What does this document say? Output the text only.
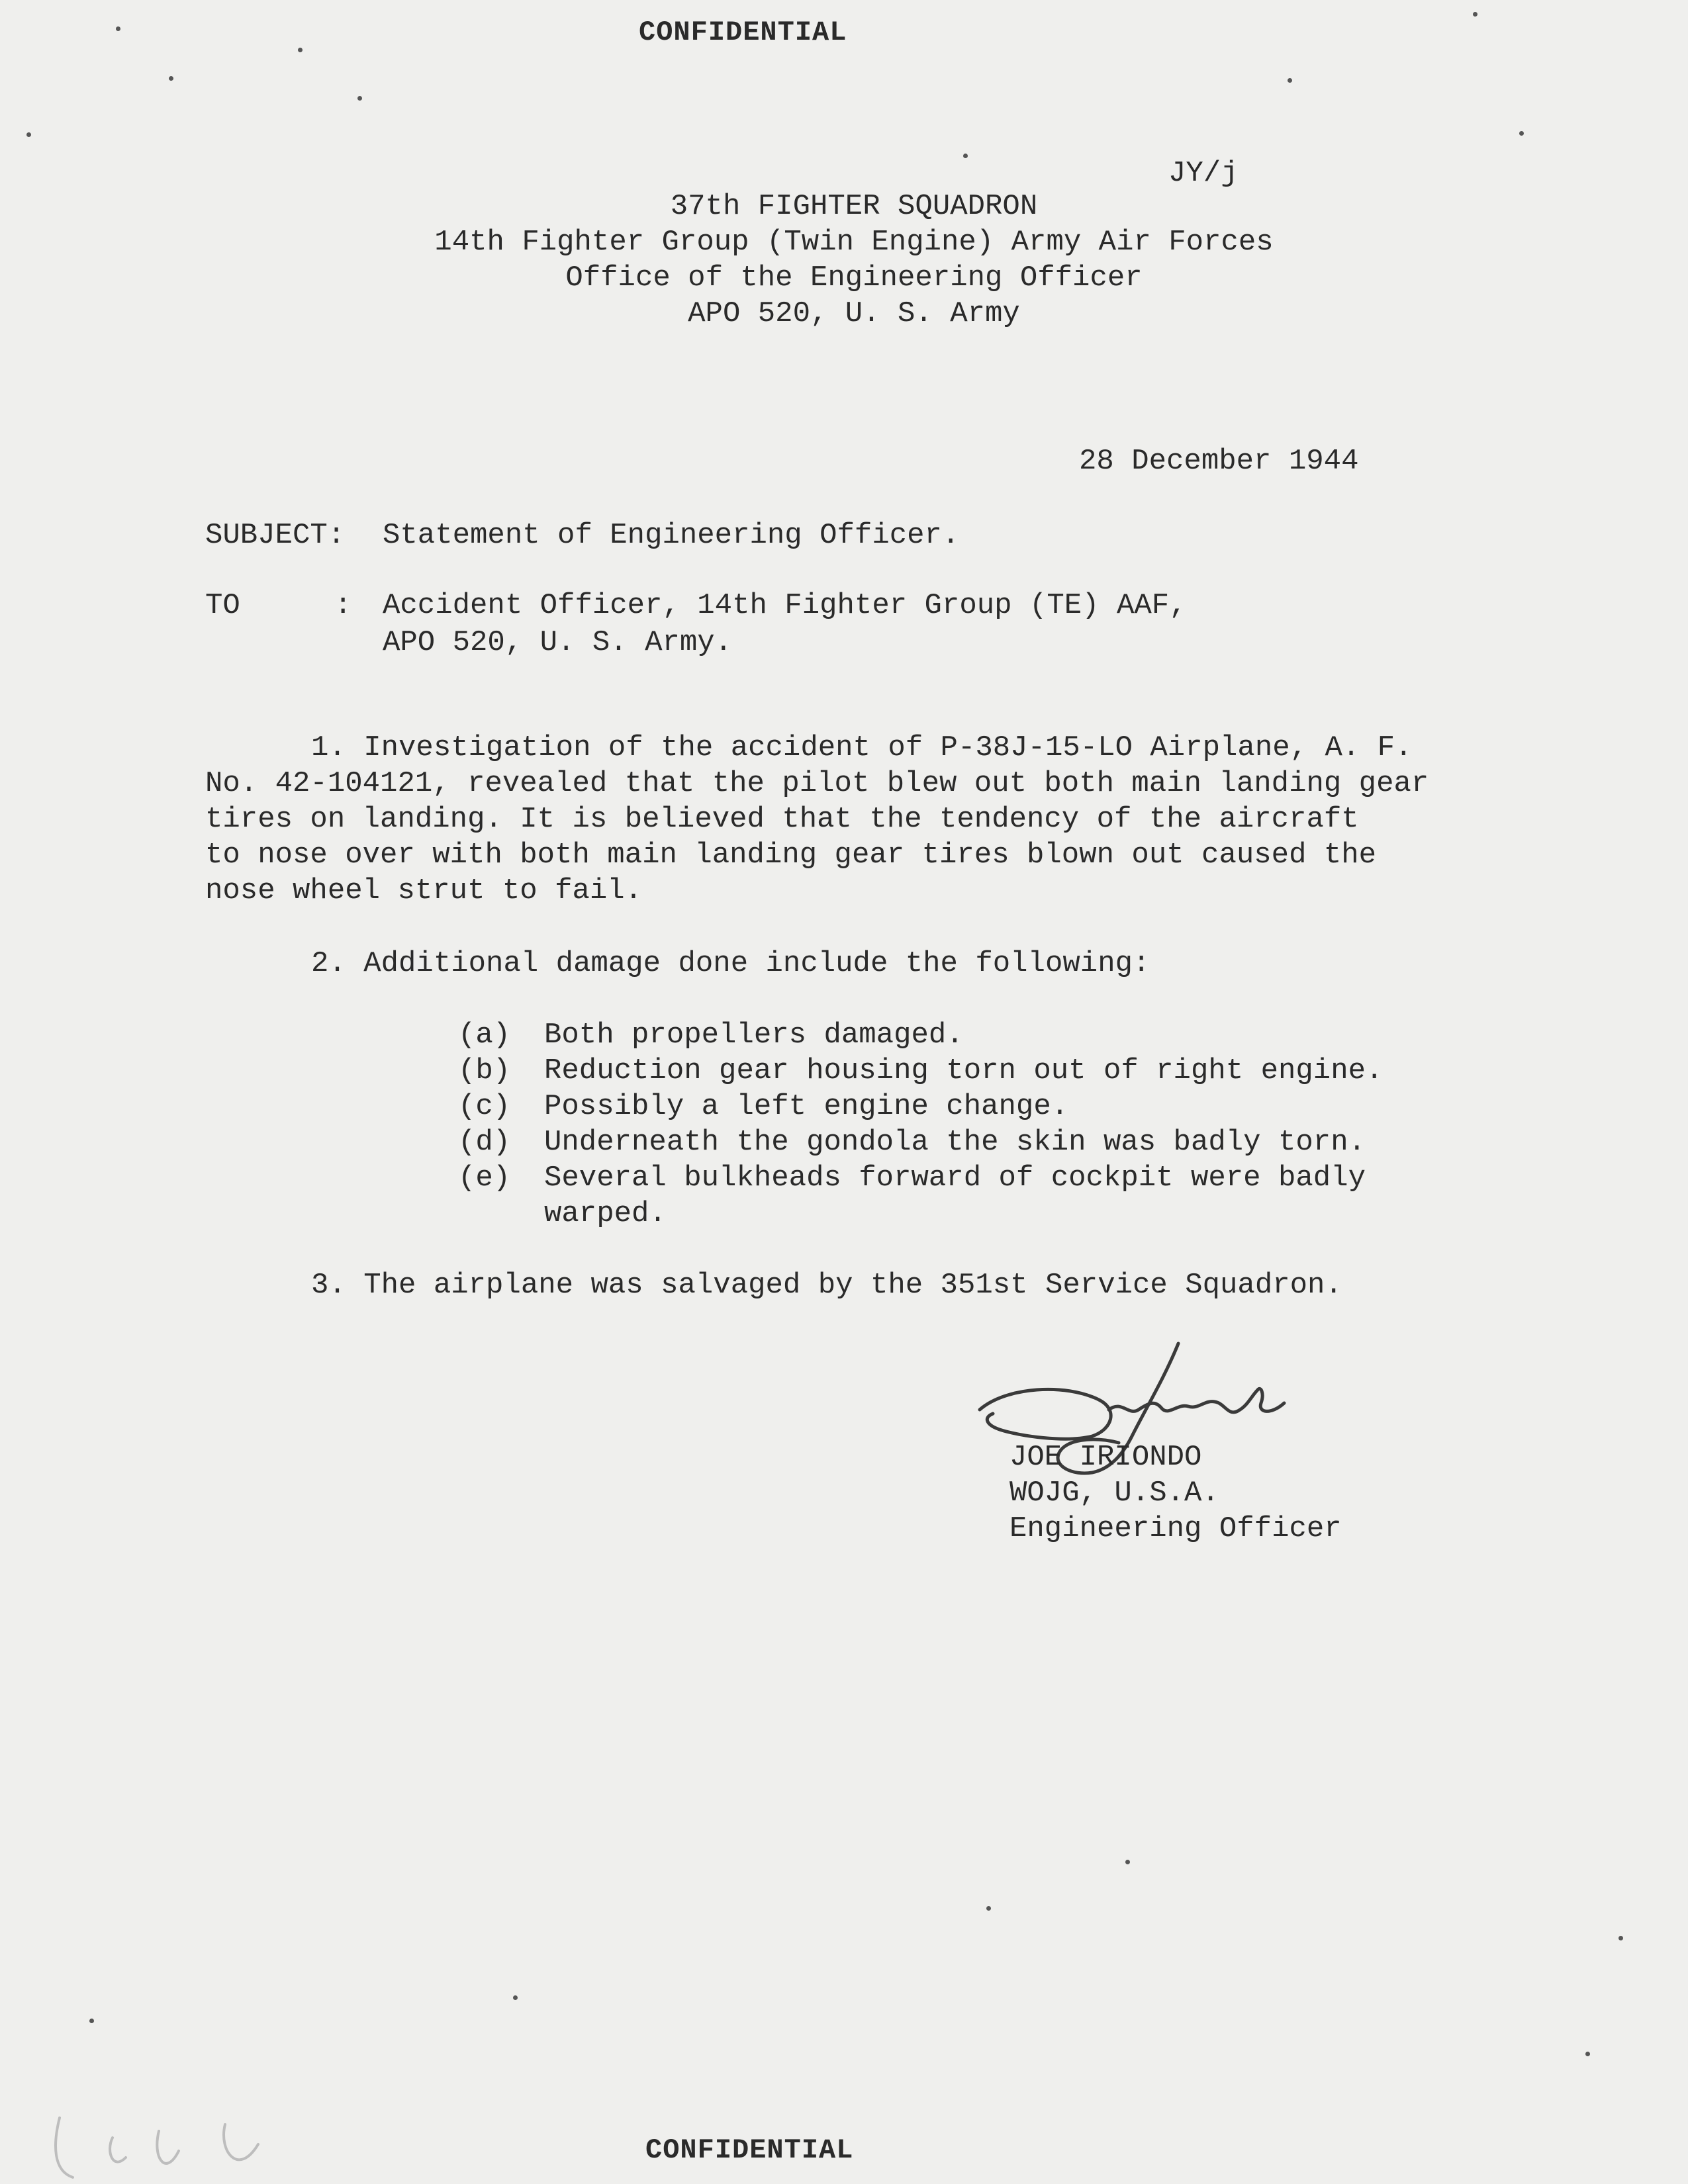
CONFIDENTIAL
JY/j
37th FIGHTER SQUADRON
14th Fighter Group (Twin Engine) Army Air Forces
Office of the Engineering Officer
APO 520, U. S. Army
28 December 1944
SUBJECT: Statement of Engineering Officer.
TO	: Accident Officer, 14th Fighter Group (TE) AAF,
APO 520, U. S. Army.
1. Investigation of the accident of P-38J-15-LO Airplane, A. F.
No. 42-104121, revealed that the pilot blew out both main landing gear
tires on landing. It is believed that the tendency of the aircraft
to nose over with both main landing gear tires blown out caused the
nose wheel strut to fail.
2. Additional damage done include the following:
(a) Both propellers damaged.
(b) Reduction gear housing torn out of right engine.
(c) Possibly a left engine change.
(d) Underneath the gondola the skin was badly torn.
(e) Several bulkheads forward of cockpit were badly
warped.
3. The airplane was salvaged by the 351st Service Squadron.
JOE IRIONDO
WOJG, U.S.A.
Engineering Officer
CONFIDENTIAL
